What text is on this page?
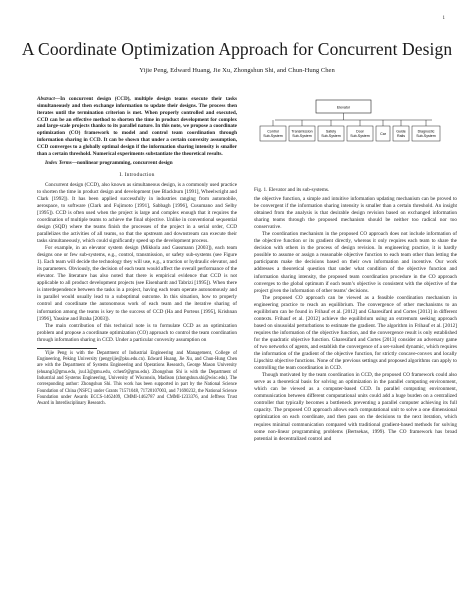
1
A Coordinate Optimization Approach for Concurrent Design
Yijie Peng, Edward Huang, Jie Xu, Zhongshun Shi, and Chun-Hung Chen

Abstract—In concurrent design (CCD), multiple design teams execute their tasks simultaneously and then exchange information to update their designs. The process then iterates until the termination criterion is met. When properly controlled and executed, CCD can be an effective method to shorten the time in product development for complex and large-scale projects thanks to its parallel nature. In this note, we propose a coordinate optimization (CO) framework to model and control team coordination through information sharing in CCD. It can be shown that under a certain convexity assumption, CCD converges to a globally optimal design if the information sharing intensity is smaller than a certain threshold. Numerical experiments substantiate the theoretical results.

Index Terms—nonlinear programming, concurrent design

I. Introduction

Concurrent design (CCD), also known as simultaneous design, is a commonly used practice to shorten the time in product design and development (see Blackburn [1991], Wheelwright and Clark [1992]). It has been applied successfully in industries ranging from automobile, aerospace, to software (Clark and Fujimoto [1991], Sabbagh [1996], Cusumano and Selby [1995]). CCD is often used when the project is large and complex enough that it requires the coordination of multiple teams to achieve the final objective. Unlike in conventional sequential design (SQD) where the teams finish the processes of the project in a serial order, CCD parallelizes the activities of all teams, so that the upstream and downstream can execute their tasks simultaneously, which could significantly speed up the development process.

For example, in an elevator system design (Mikkola and Gassmann [2003]), each team designs one or few sub-systems, e.g., control, transmission, or safety sub-systems (see Figure 1). Each team will decide the technology they will use, e.g., a traction or hydraulic elevator, and its parameters. Obviously, the decision of each team would affect the overall performance of the elevator. The literature has also noted that there is empirical evidence that CCD is not applicable to all product development projects (see Eisenhardt and Tabrizi [1995]). When there is interdependence between the tasks in a project, having each team operate autonomously and in parallel would usually lead to a suboptimal outcome. In this situation, how to properly control and coordinate the autonomous work of each team and the iterative sharing of information among the teams is key to the success of CCD (Ha and Porteus [1995], Krishnan [1996], Yassine and Braha [2003]).

The main contribution of this technical note is to formulate CCD as an optimization problem and propose a coordinate optimization (CO) approach to control the team coordination through information sharing in CCD. Under a particular convexity assumption on

Yijie Peng is with the Department of Industrial Engineering and Management, College of Engineering, Peking University (pengyijie@pku.edu.cn). Edward Huang, Jie Xu, and Chun-Hung Chen are with the Department of Systems Engineering and Operations Research, George Mason University (ehuang3@gmu.edu, jxu13@gmu.edu, cchen9@gmu.edu). Zhongshun Shi is with the Department of Industrial and Systems Engineering, University of Wisconsin, Madison (zhongshun.shi@wisc.edu). The corresponding author: Zhongshun Shi. This work has been supported in part by the National Science Foundation of China (NSFC) under Grants 71571048, 71720107003, and 71690232, the National Science Foundation under Awards ECCS-1462409, CMMI-1462787 and CMMI-1233376, and Jeffress Trust Award in Interdisciplinary Research.

Elevator
Control
Sub-System
Transmission
Sub-System
Safety
Sub-System
Door
Sub-System	Car
Guide
Rails
Diagnostic
Sub-System
Fig. 1. Elevator and its sub-systems.

the objective function, a simple and intuitive information updating mechanism can be proved to be convergent if the information sharing intensity is smaller than a certain threshold. An insight obtained from the analysis is that desirable design revision based on exchanged information sharing teams through the proposed mechanism should be neither too radical nor too conservative.

The coordination mechanism in the proposed CO approach does not include information of the objective function or its gradient directly, whereas it only requires each team to share the decision with others in the process of design revision. In engineering practice, it is hardly possible to assume or assign a reasonable objective function to each team other than letting the participants make the decisions based on their own information and incentive. Our work addresses a theoretical question that under what condition of the objective function and information sharing intensity, the proposed team coordination procedure in the CO approach converges to the global optimum if each team’s objective is consistent with the objective of the project given the information of other teams’ decisions.

The proposed CO approach can be viewed as a feasible coordination mechanism in engineering practice to reach an equilibrium. The convergence of other mechanisms to an equilibrium can be found in Frihauf et al. [2012] and Gharesifard and Cortes [2013] in different contexts. Frihauf et al. [2012] achieve the equilibrium using an extremum seeking approach based on sinusoidal perturbations to estimate the gradient. The algorithm in Frihauf et al. [2012] requires the information of the objective function, and the convergence result is only established for the quadratic objective function. Gharesifard and Cortes [2013] consider an adversary game of two networks of agents, and establish the convergence of a set-valued dynamic, which requires the information of the gradient of the objective function, for strictly concave-convex and locally Lipschitz objective functions. None of the previous settings and proposed algorithms can apply to controlling the team coordination in CCD.

Though motivated by the team coordination in CCD, the proposed CO framework could also serve as a theoretical basis for solving an optimization in the parallel computing environment, which can be viewed as a computer-based CCD. In parallel computing environment, communication between different computational units could add a huge burden on a centralized controller that typically becomes a bottleneck preventing a parallel computer achieving its full capacity. The proposed CO approach allows each computational unit to solve a one dimensional optimization on each coordinate, and then pass on the decisions to the next iteration, which requires minimal communication compared with traditional gradient-based methods for solving some non-linear programming problems (Bertsekas, 1999). The CO framework has broad potential in decentralized control and
